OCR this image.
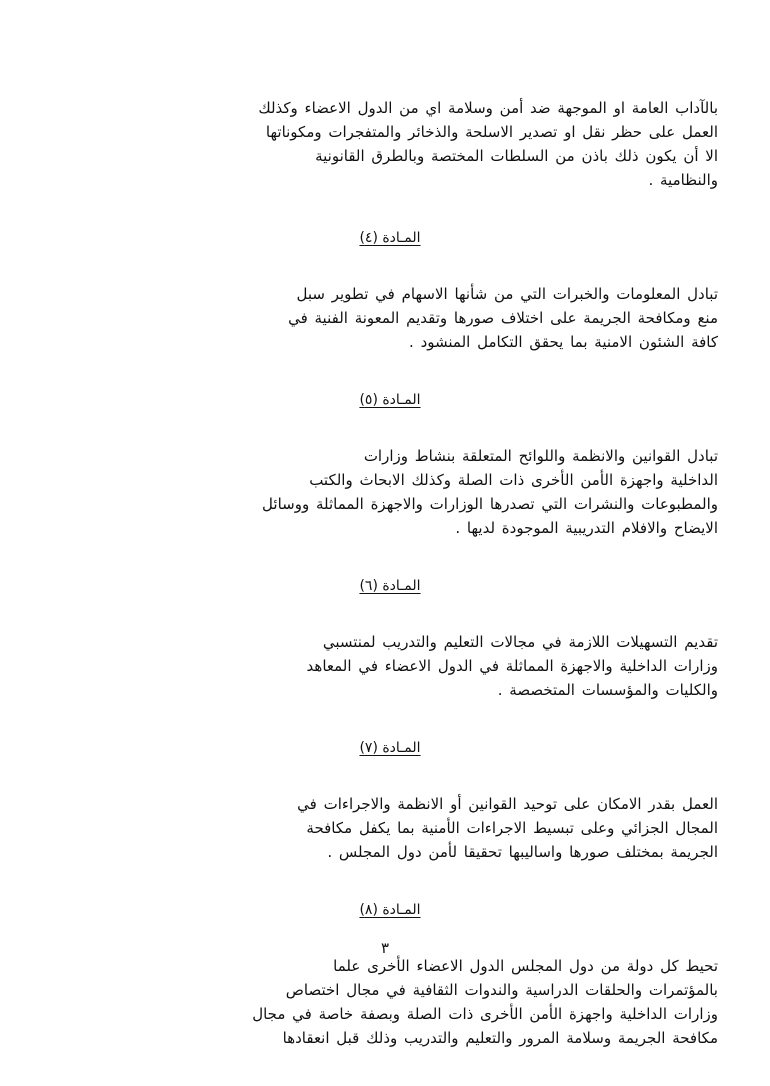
بالآداب العامة او الموجهة ضد أمن وسلامة اي من الدول الاعضاء وكذلك
العمل على حظر نقل او تصدير الاسلحة والذخائر والمتفجرات ومكوناتها
الا أن يكون ذلك باذن من السلطات المختصة وبالطرق القانونية
والنظامية .

المـادة (٤)

تبادل المعلومات والخبرات التي من شأنها الاسهام في تطوير سبل
منع ومكافحة الجريمة على اختلاف صورها وتقديم المعونة الفنية في
كافة الشئون الامنية بما يحقق التكامل المنشود .

المـادة (٥)

تبادل القوانين والانظمة واللوائح المتعلقة بنشاط وزارات
الداخلية واجهزة الأمن الأخرى ذات الصلة وكذلك الابحاث والكتب
والمطبوعات والنشرات التي تصدرها الوزارات والاجهزة المماثلة ووسائل
الايضاح والافلام التدريبية الموجودة لديها .

المـادة (٦)

تقديم التسهيلات اللازمة في مجالات التعليم والتدريب لمنتسبي
وزارات الداخلية والاجهزة المماثلة في الدول الاعضاء في المعاهد
والكليات والمؤسسات المتخصصة .

المـادة (٧)

العمل بقدر الامكان على توحيد القوانين أو الانظمة والاجراءات في
المجال الجزائي وعلى تبسيط الاجراءات الأمنية بما يكفل مكافحة
الجريمة بمختلف صورها واساليبها تحقيقا لأمن دول المجلس .

المـادة (٨)

تحيط كل دولة من دول المجلس الدول الاعضاء الأخرى علما
بالمؤتمرات والحلقات الدراسية والندوات الثقافية في مجال اختصاص
وزارات الداخلية واجهزة الأمن الأخرى ذات الصلة وبصفة خاصة في مجال
مكافحة الجريمة وسلامة المرور والتعليم والتدريب وذلك قبل انعقادها

٣
